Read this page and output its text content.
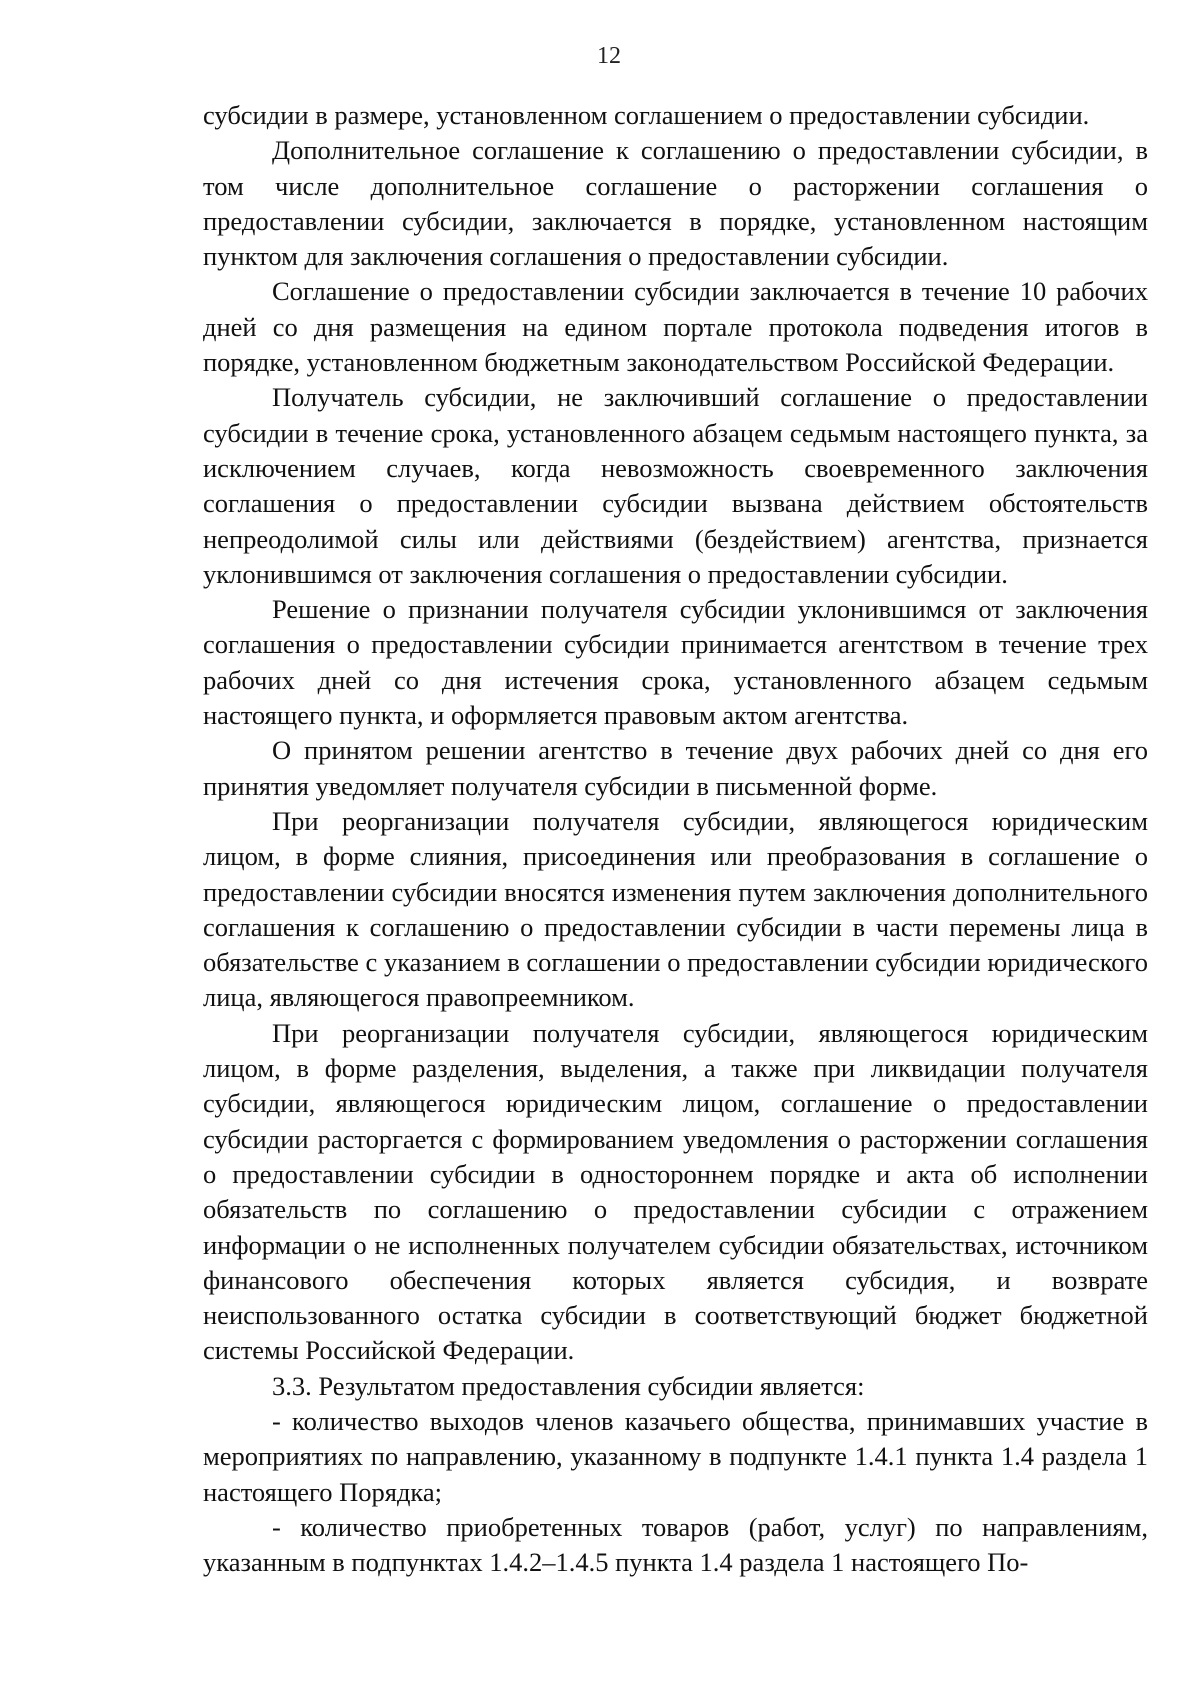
12

субсидии в размере, установленном соглашением о предоставлении субсидии.

Дополнительное соглашение к соглашению о предоставлении субсидии, в том числе дополнительное соглашение о расторжении соглашения о предоставлении субсидии, заключается в порядке, установленном настоящим пунктом для заключения соглашения о предоставлении субсидии.

Соглашение о предоставлении субсидии заключается в течение 10 рабочих дней со дня размещения на едином портале протокола подведения итогов в порядке, установленном бюджетным законодательством Российской Федерации.

Получатель субсидии, не заключивший соглашение о предоставлении субсидии в течение срока, установленного абзацем седьмым настоящего пункта, за исключением случаев, когда невозможность своевременного заключения соглашения о предоставлении субсидии вызвана действием обстоятельств непреодолимой силы или действиями (бездействием) агентства, признается уклонившимся от заключения соглашения о предоставлении субсидии.

Решение о признании получателя субсидии уклонившимся от заключения соглашения о предоставлении субсидии принимается агентством в течение трех рабочих дней со дня истечения срока, установленного абзацем седьмым настоящего пункта, и оформляется правовым актом агентства.

О принятом решении агентство в течение двух рабочих дней со дня его принятия уведомляет получателя субсидии в письменной форме.

При реорганизации получателя субсидии, являющегося юридическим лицом, в форме слияния, присоединения или преобразования в соглашение о предоставлении субсидии вносятся изменения путем заключения дополнительного соглашения к соглашению о предоставлении субсидии в части перемены лица в обязательстве с указанием в соглашении о предоставлении субсидии юридического лица, являющегося правопреемником.

При реорганизации получателя субсидии, являющегося юридическим лицом, в форме разделения, выделения, а также при ликвидации получателя субсидии, являющегося юридическим лицом, соглашение о предоставлении субсидии расторгается с формированием уведомления о расторжении соглашения о предоставлении субсидии в одностороннем порядке и акта об исполнении обязательств по соглашению о предоставлении субсидии с отражением информации о не исполненных получателем субсидии обязательствах, источником финансового обеспечения которых является субсидия, и возврате неиспользованного остатка субсидии в соответствующий бюджет бюджетной системы Российской Федерации.

3.3. Результатом предоставления субсидии является:

- количество выходов членов казачьего общества, принимавших участие в мероприятиях по направлению, указанному в подпункте 1.4.1 пункта 1.4 раздела 1 настоящего Порядка;

- количество приобретенных товаров (работ, услуг) по направлениям, указанным в подпунктах 1.4.2–1.4.5 пункта 1.4 раздела 1 настоящего По-
